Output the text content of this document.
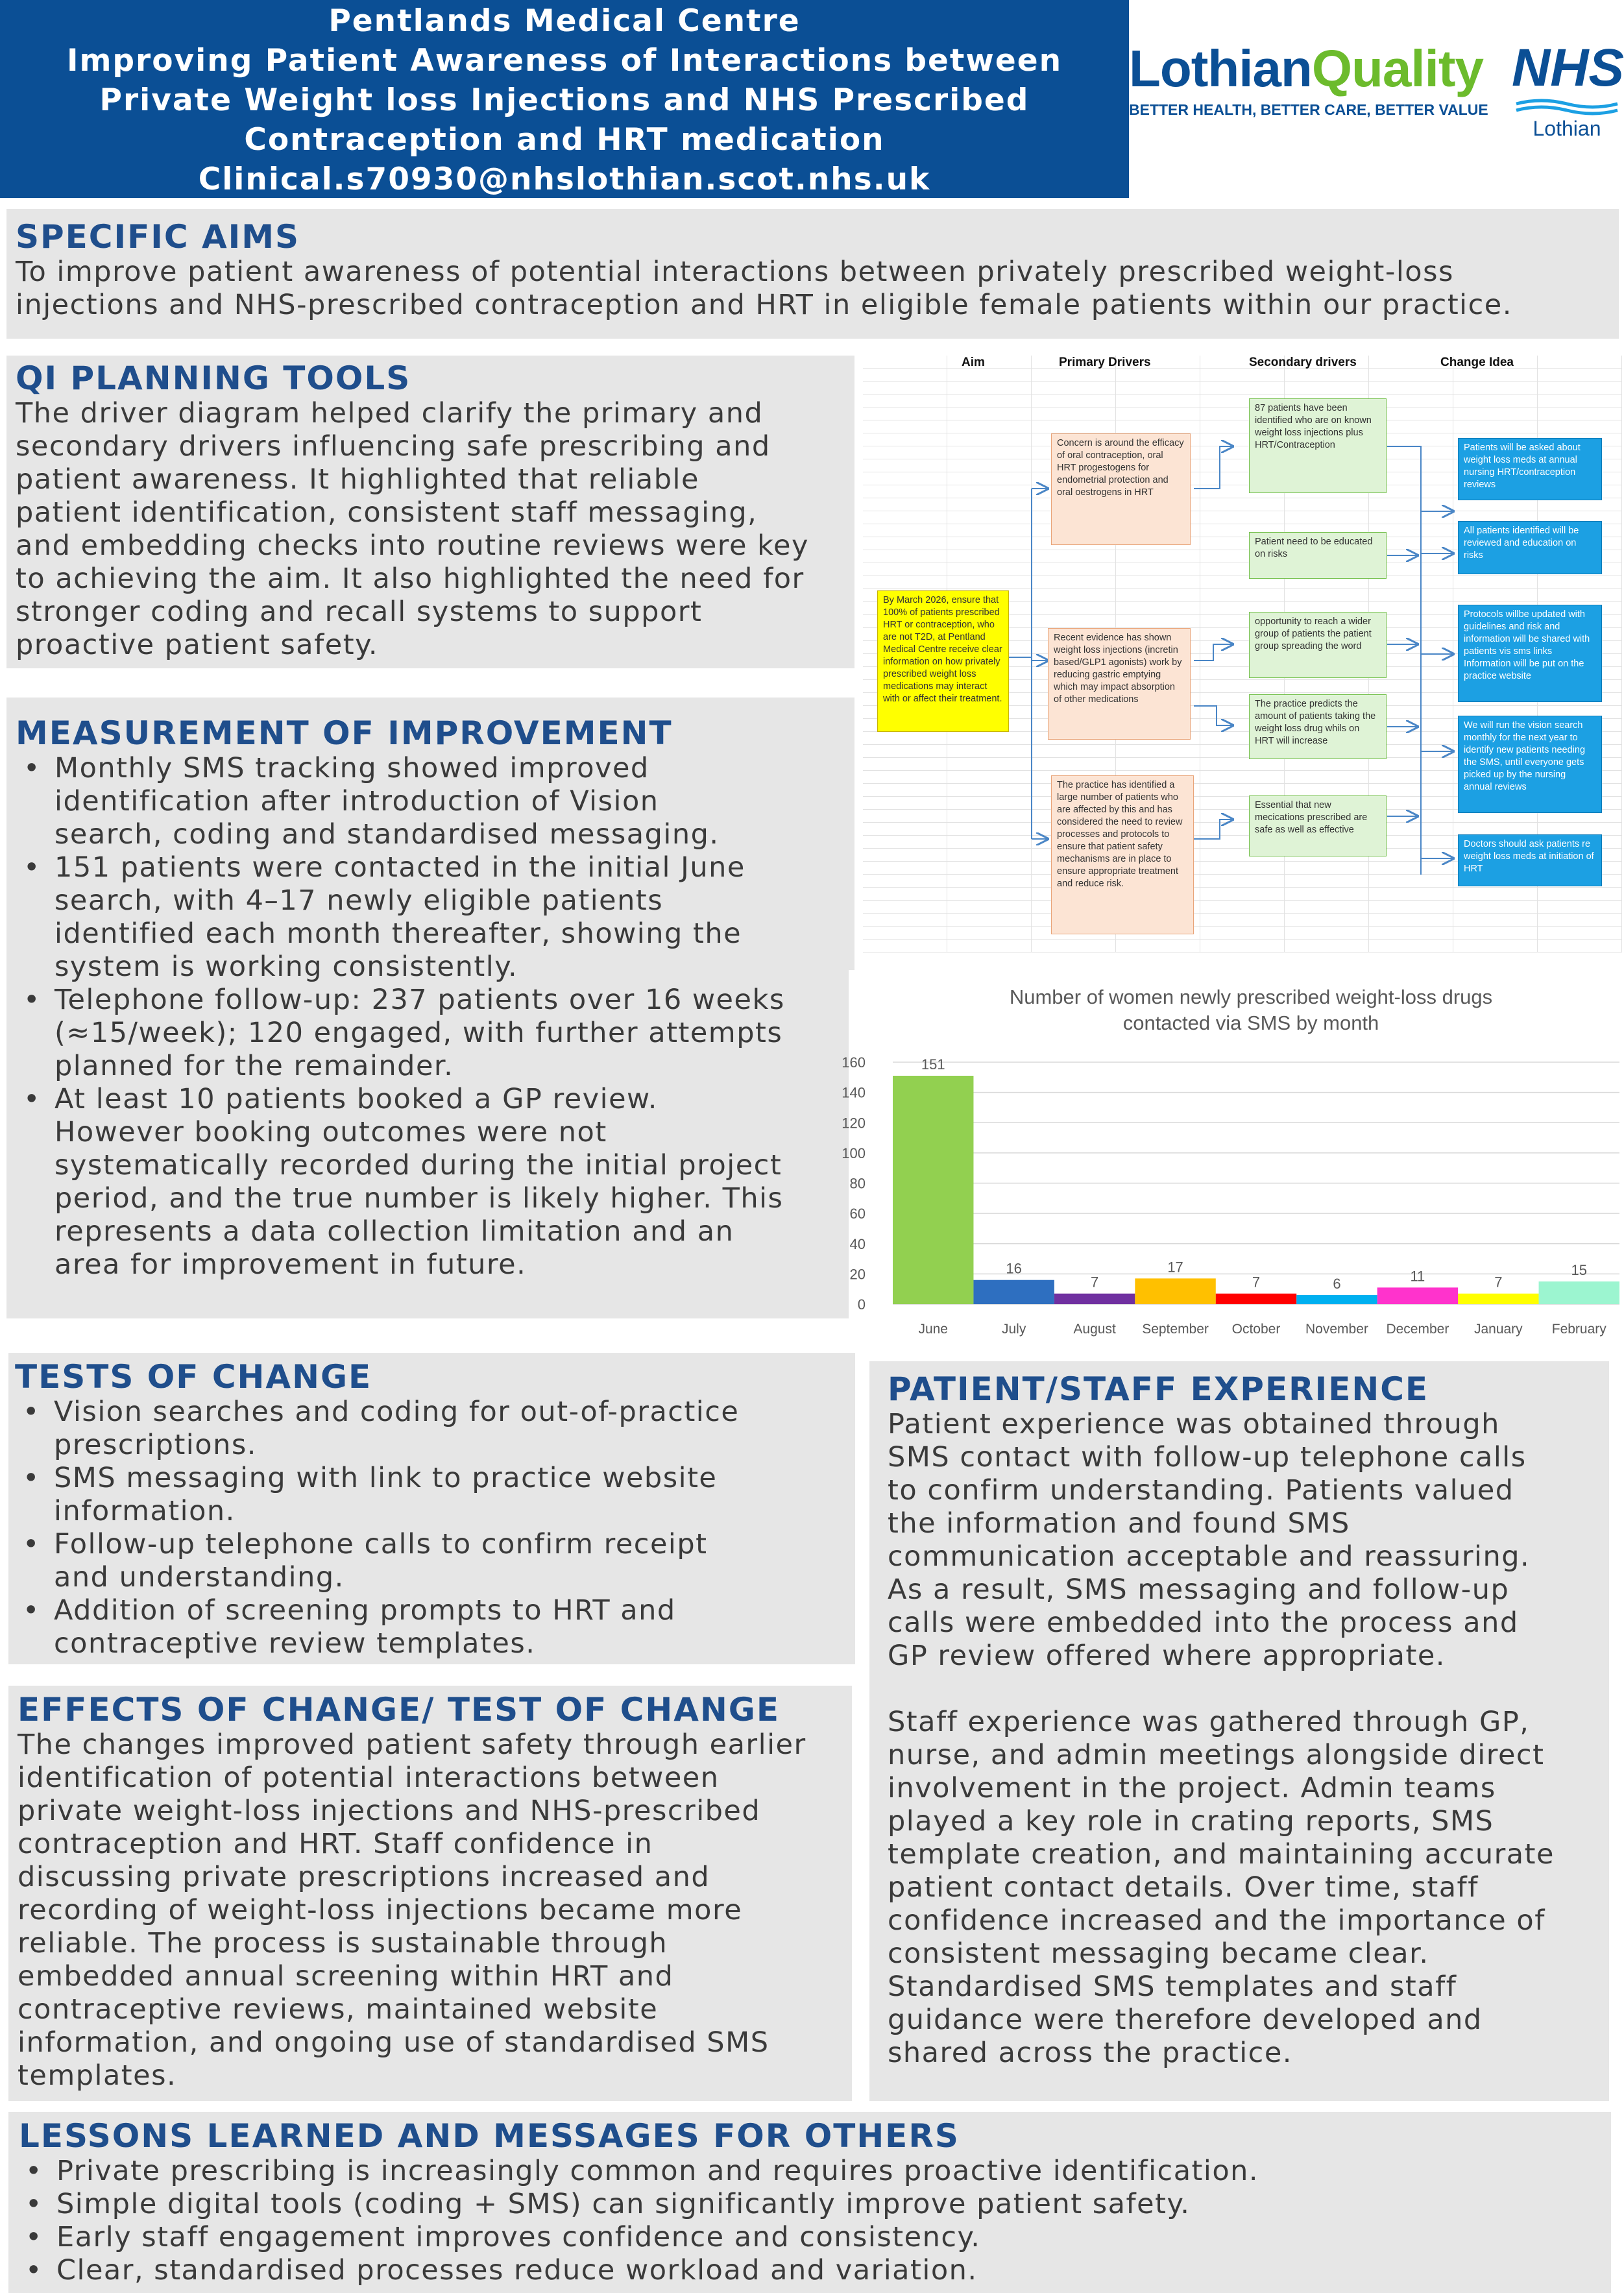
Pentlands Medical Centre
Improving Patient Awareness of Interactions between
Private Weight loss Injections and NHS Prescribed
Contraception and HRT medication
Clinical.s70930@nhslothian.scot.nhs.uk
LothianQuality
BETTER HEALTH, BETTER CARE, BETTER VALUE
NHS
Lothian
SPECIFIC AIMS
To improve patient awareness of potential interactions between privately prescribed weight-loss
injections and NHS-prescribed contraception and HRT in eligible female patients within our practice.
QI PLANNING TOOLS
The driver diagram helped clarify the primary and
secondary drivers influencing safe prescribing and
patient awareness. It highlighted that reliable
patient identification, consistent staff messaging,
and embedding checks into routine reviews were key
to achieving the aim. It also highlighted the need for
stronger coding and recall systems to support
proactive patient safety.
Aim	Primary Drivers	Secondary drivers	Change Idea
By March 2026, ensure that 100% of patients prescribed HRT or contraception, who are not T2D, at Pentland Medical Centre receive clear information on how privately prescribed weight loss medications may interact with or affect their treatment.
Concern is around the efficacy of oral contraception, oral HRT progestogens for endometrial protection and oral oestrogens in HRT
Recent evidence has shown weight loss injections (incretin based/GLP1 agonists) work by reducing gastric emptying which may impact absorption of other medications
The practice has identified a large number of patients who are affected by this and has considered the need to review processes and protocols to ensure that patient safety mechanisms are in place to ensure appropriate treatment and reduce risk.
87 patients have been identified who are on known weight loss injections plus HRT/Contraception
Patient need to be educated on risks
opportunity to reach a wider group of patients the patient group spreading the word
The practice predicts the amount of patients taking the weight loss drug whils on HRT will increase
Essential that new mecications prescribed are safe as well as effective
Patients will be asked about weight loss meds at annual nursing HRT/contraception reviews
All patients identified will be reviewed and education on risks
Protocols willbe updated with guidelines and risk and information will be shared with patients vis sms links Information will be put on the practice website
We will run the vision search monthly for the next year to identify new patients needing the SMS, until everyone gets picked up by the nursing annual reviews
Doctors should ask patients re weight loss meds at initiation of HRT
MEASUREMENT OF IMPROVEMENT
• Monthly SMS tracking showed improved
identification after introduction of Vision
search, coding and standardised messaging.
• 151 patients were contacted in the initial June
search, with 4–17 newly eligible patients
identified each month thereafter, showing the
system is working consistently.
• Telephone follow-up: 237 patients over 16 weeks
(≈15/week); 120 engaged, with further attempts
planned for the remainder.
• At least 10 patients booked a GP review.
However booking outcomes were not
systematically recorded during the initial project
period, and the true number is likely higher. This
represents a data collection limitation and an
area for improvement in future.
Number of women newly prescribed weight-loss drugs
contacted via SMS by month
0
20
40
60
80
100
120
140
160	151
June
16
July
7
August
17
September
7
October
6
November
11
December
7
January
15
February
TESTS OF CHANGE
• Vision searches and coding for out-of-practice
prescriptions.
• SMS messaging with link to practice website
information.
• Follow-up telephone calls to confirm receipt
and understanding.
• Addition of screening prompts to HRT and
contraceptive review templates.
EFFECTS OF CHANGE/ TEST OF CHANGE
The changes improved patient safety through earlier
identification of potential interactions between
private weight-loss injections and NHS-prescribed
contraception and HRT. Staff confidence in
discussing private prescriptions increased and
recording of weight-loss injections became more
reliable. The process is sustainable through
embedded annual screening within HRT and
contraceptive reviews, maintained website
information, and ongoing use of standardised SMS
templates.
PATIENT/STAFF EXPERIENCE
Patient experience was obtained through
SMS contact with follow-up telephone calls
to confirm understanding. Patients valued
the information and found SMS
communication acceptable and reassuring.
As a result, SMS messaging and follow-up
calls were embedded into the process and
GP review offered where appropriate.
Staff experience was gathered through GP,
nurse, and admin meetings alongside direct
involvement in the project. Admin teams
played a key role in crating reports, SMS
template creation, and maintaining accurate
patient contact details. Over time, staff
confidence increased and the importance of
consistent messaging became clear.
Standardised SMS templates and staff
guidance were therefore developed and
shared across the practice.
LESSONS LEARNED AND MESSAGES FOR OTHERS
• Private prescribing is increasingly common and requires proactive identification.
• Simple digital tools (coding + SMS) can significantly improve patient safety.
• Early staff engagement improves confidence and consistency.
• Clear, standardised processes reduce workload and variation.
